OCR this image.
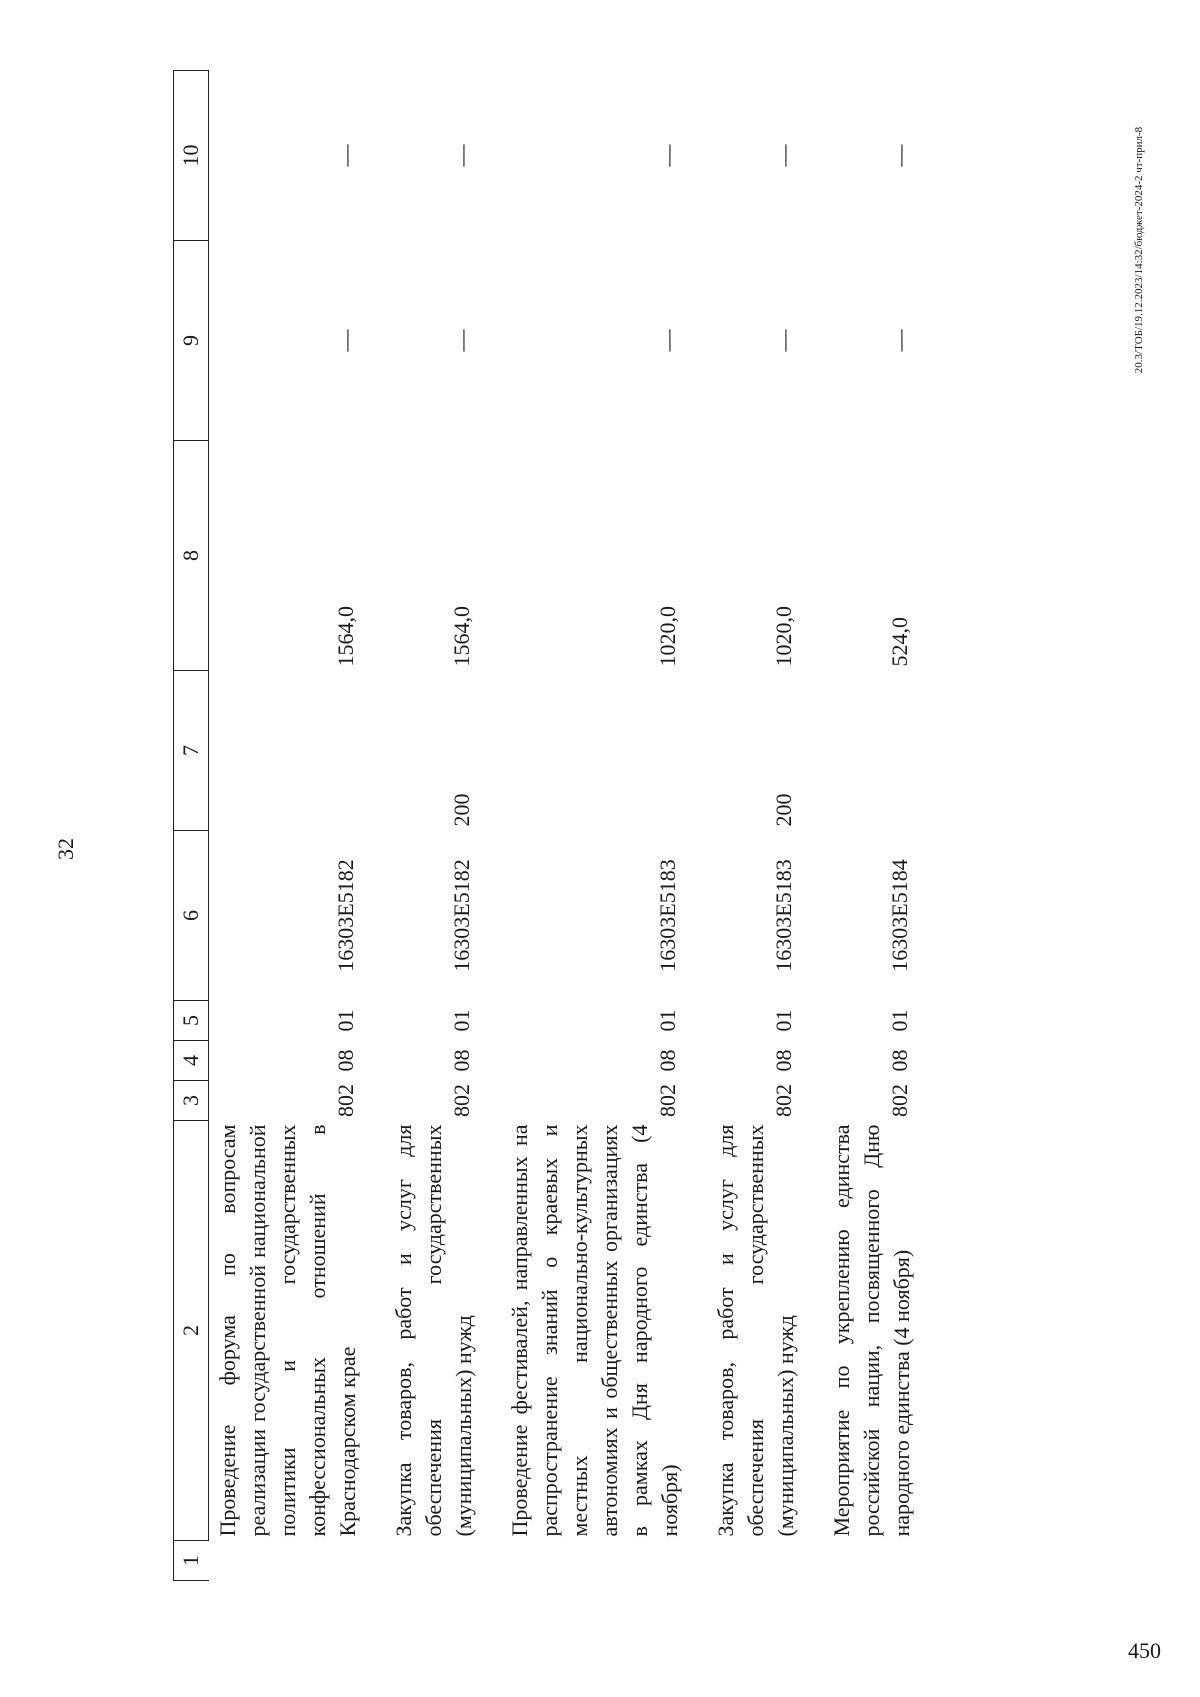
32
20.3/ТОБ/19.12.2023/14:32/бюджет-2024-2 чт-прил-8
450
1	2	3	4	5	6	7	8	9	10
	Проведение форума по вопросам реализации государственной национальной политики и государственных конфессиональных отношений в Краснодарском крае	802	08	01	16303Е5182		1564,0	—	—
	Закупка товаров, работ и услуг для обеспечения государственных (муниципальных) нужд	802	08	01	16303Е5182	200	1564,0	—	—
	Проведение фестивалей, направленных на распространение знаний о краевых и местных национально-культурных автономиях и общественных организациях в рамках Дня народного единства (4 ноября)	802	08	01	16303Е5183		1020,0	—	—
	Закупка товаров, работ и услуг для обеспечения государственных (муниципальных) нужд	802	08	01	16303Е5183	200	1020,0	—	—
	Мероприятие по укреплению единства российской нации, посвященного Дню народного единства (4 ноября)	802	08	01	16303Е5184		524,0	—	—
